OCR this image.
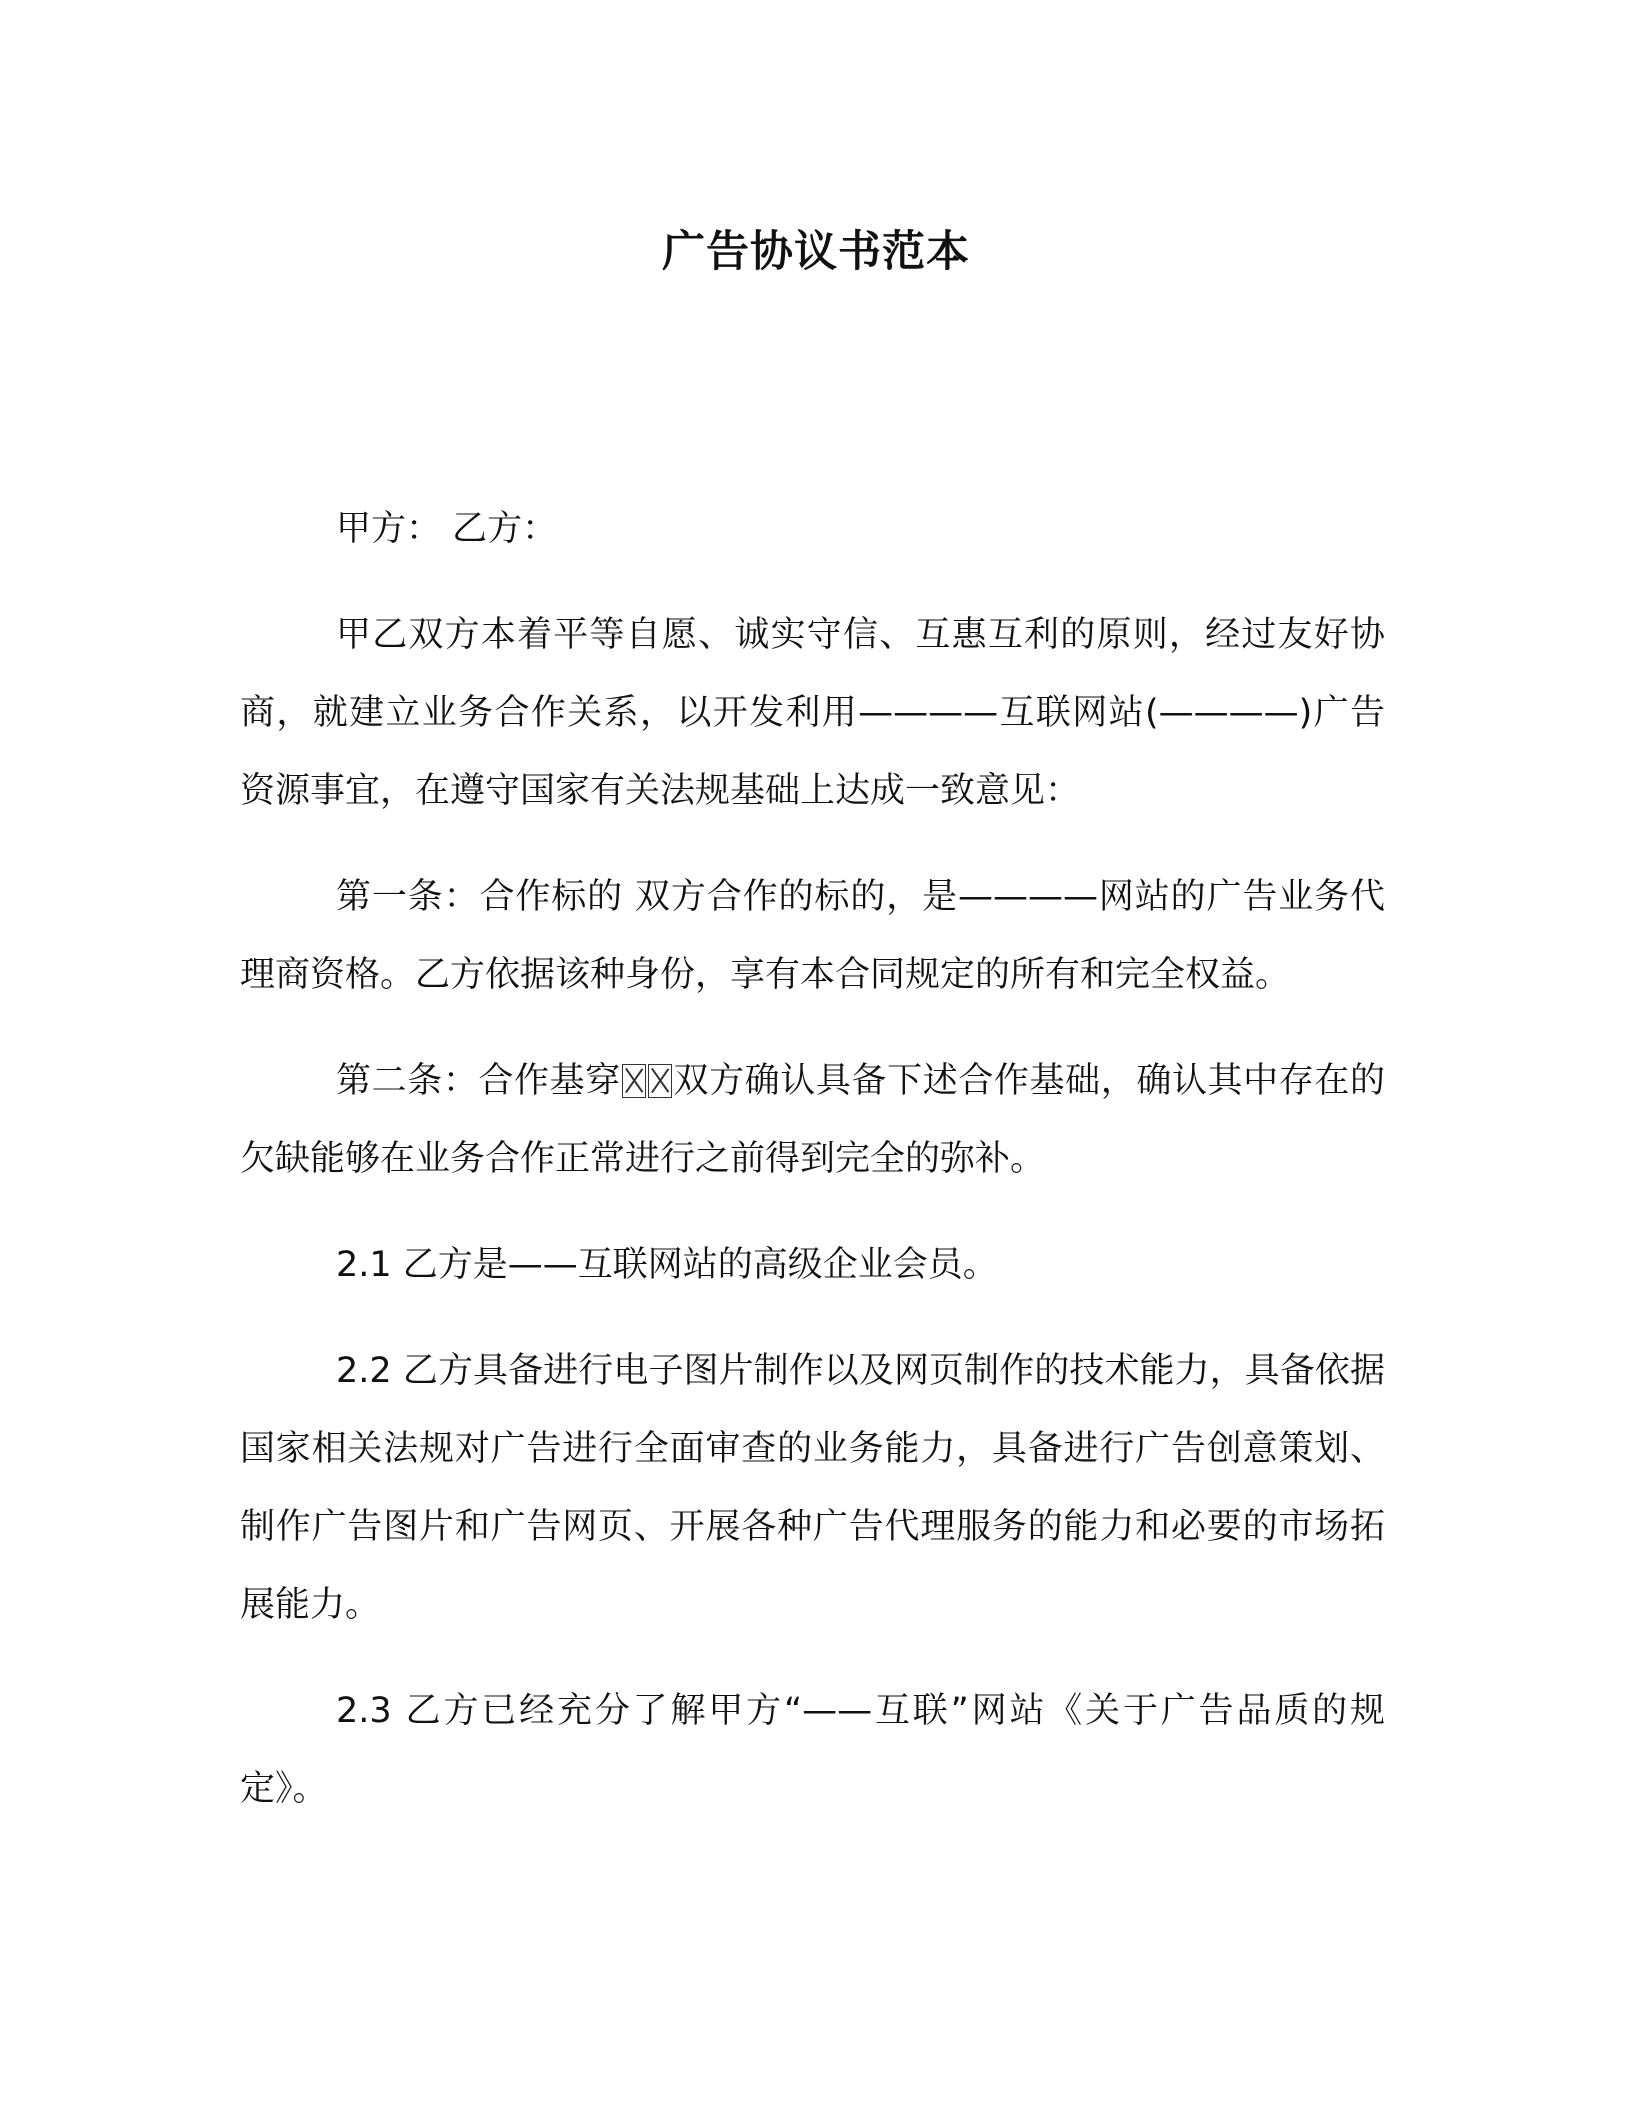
广告协议书范本

甲方： 乙方：

甲乙双方本着平等自愿、诚实守信、互惠互利的原则，经过友好协商，就建立业务合作关系，以开发利用————互联网站(————)广告资源事宜，在遵守国家有关法规基础上达成一致意见：

第一条：合作标的 双方合作的标的，是————网站的广告业务代理商资格。乙方依据该种身份，享有本合同规定的所有和完全权益。

第二条：合作基穿 双方确认具备下述合作基础，确认其中存在的欠缺能够在业务合作正常进行之前得到完全的弥补。

2.1 乙方是——互联网站的高级企业会员。

2.2 乙方具备进行电子图片制作以及网页制作的技术能力，具备依据国家相关法规对广告进行全面审查的业务能力，具备进行广告创意策划、制作广告图片和广告网页、开展各种广告代理服务的能力和必要的市场拓展能力。

2.3 乙方已经充分了解甲方“——互联”网站《关于广告品质的规定》。
